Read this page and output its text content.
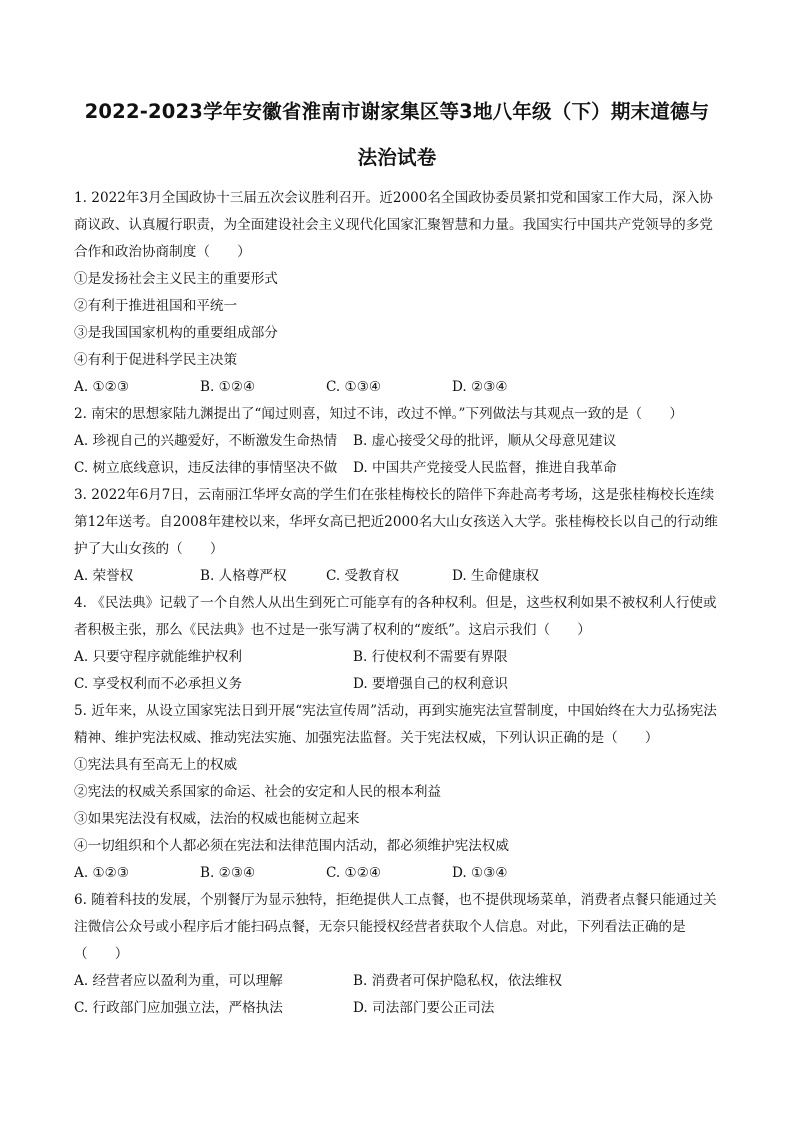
2022-2023学年安徽省淮南市谢家集区等3地八年级（下）期末道德与
法治试卷

1. 2022年3月全国政协十三届五次会议胜利召开。近2000名全国政协委员紧扣党和国家工作大局，深入协商议政、认真履行职责，为全面建设社会主义现代化国家汇聚智慧和力量。我国实行中国共产党领导的多党合作和政治协商制度（　　）

①是发扬社会主义民主的重要形式

②有利于推进祖国和平统一

③是我国国家机构的重要组成部分

④有利于促进科学民主决策

A. ①②③	B. ①②④	C. ①③④	D. ②③④

2. 南宋的思想家陆九渊提出了“闻过则喜，知过不讳，改过不惮。”下列做法与其观点一致的是（　　）

A. 珍视自己的兴趣爱好，不断激发生命热情	B. 虚心接受父母的批评，顺从父母意见建议
C. 树立底线意识，违反法律的事情坚决不做	D. 中国共产党接受人民监督，推进自我革命

3. 2022年6月7日，云南丽江华坪女高的学生们在张桂梅校长的陪伴下奔赴高考考场，这是张桂梅校长连续第12年送考。自2008年建校以来，华坪女高已把近2000名大山女孩送入大学。张桂梅校长以自己的行动维护了大山女孩的（　　）

A. 荣誉权	B. 人格尊严权	C. 受教育权	D. 生命健康权

4. 《民法典》记载了一个自然人从出生到死亡可能享有的各种权利。但是，这些权利如果不被权利人行使或者积极主张，那么《民法典》也不过是一张写满了权利的“废纸”。这启示我们（　　）

A. 只要守程序就能维护权利	B. 行使权利不需要有界限
C. 享受权利而不必承担义务	D. 要增强自己的权利意识

5. 近年来，从设立国家宪法日到开展“宪法宣传周”活动，再到实施宪法宣誓制度，中国始终在大力弘扬宪法精神、维护宪法权威、推动宪法实施、加强宪法监督。关于宪法权威，下列认识正确的是（　　）

①宪法具有至高无上的权威

②宪法的权威关系国家的命运、社会的安定和人民的根本利益

③如果宪法没有权威，法治的权威也能树立起来

④一切组织和个人都必须在宪法和法律范围内活动，都必须维护宪法权威

A. ①②③	B. ②③④	C. ①②④	D. ①③④

6. 随着科技的发展，个别餐厅为显示独特，拒绝提供人工点餐，也不提供现场菜单，消费者点餐只能通过关注微信公众号或小程序后才能扫码点餐，无奈只能授权经营者获取个人信息。对此，下列看法正确的是（　　）

A. 经营者应以盈利为重，可以理解	B. 消费者可保护隐私权，依法维权
C. 行政部门应加强立法，严格执法	D. 司法部门要公正司法
